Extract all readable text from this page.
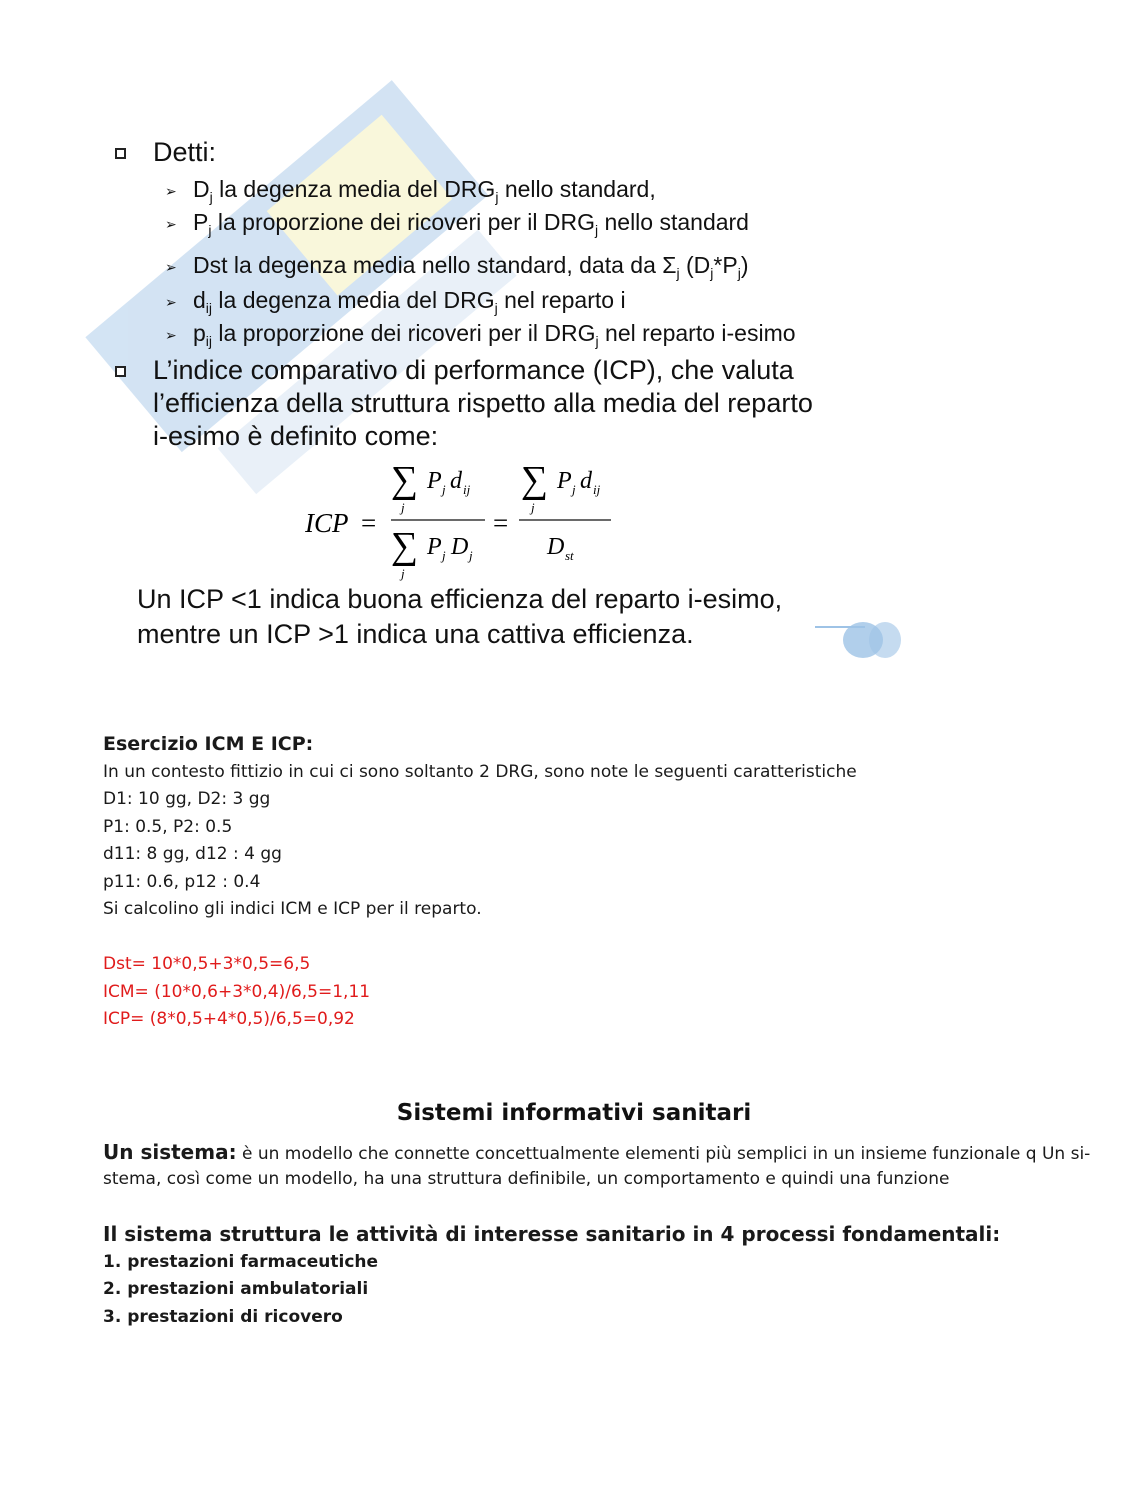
Detti:
➢ $D_j$ la degenza media del $DRG_j$ nello standard,
➢ $P_j$ la proporzione dei ricoveri per il $DRG_j$ nello standard
➢ Dst la degenza media nello standard, data da $\Sigma_j$ $(D_j*P_j)$
➢ $d_{ij}$ la degenza media del $DRG_j$ nel reparto i
➢ $p_{ij}$ la proporzione dei ricoveri per il $DRG_j$ nel reparto i-esimo
L’indice comparativo di performance (ICP), che valuta
l’efficienza della struttura rispetto alla media del reparto
i-esimo è definito come:
ICP =
∑
j
P j d ij
∑
j
P j D j
=
∑
j
P j d ij
D st
Un ICP <1 indica buona efficienza del reparto i-esimo,
mentre un ICP >1 indica una cattiva efficienza.
Esercizio ICM E ICP:
In un contesto fittizio in cui ci sono soltanto 2 DRG, sono note le seguenti caratteristiche
D1: 10 gg, D2: 3 gg
P1: 0.5, P2: 0.5
d11: 8 gg, d12 : 4 gg
p11: 0.6, p12 : 0.4
Si calcolino gli indici ICM e ICP per il reparto.
Dst= 10*0,5+3*0,5=6,5
ICM= (10*0,6+3*0,4)/6,5=1,11
ICP= (8*0,5+4*0,5)/6,5=0,92
Sistemi informativi sanitari
Un sistema: è un modello che connette concettualmente elementi più semplici in un insieme funzionale q Un si-
stema, così come un modello, ha una struttura definibile, un comportamento e quindi una funzione
Il sistema struttura le attività di interesse sanitario in 4 processi fondamentali:
1. prestazioni farmaceutiche
2. prestazioni ambulatoriali
3. prestazioni di ricovero
